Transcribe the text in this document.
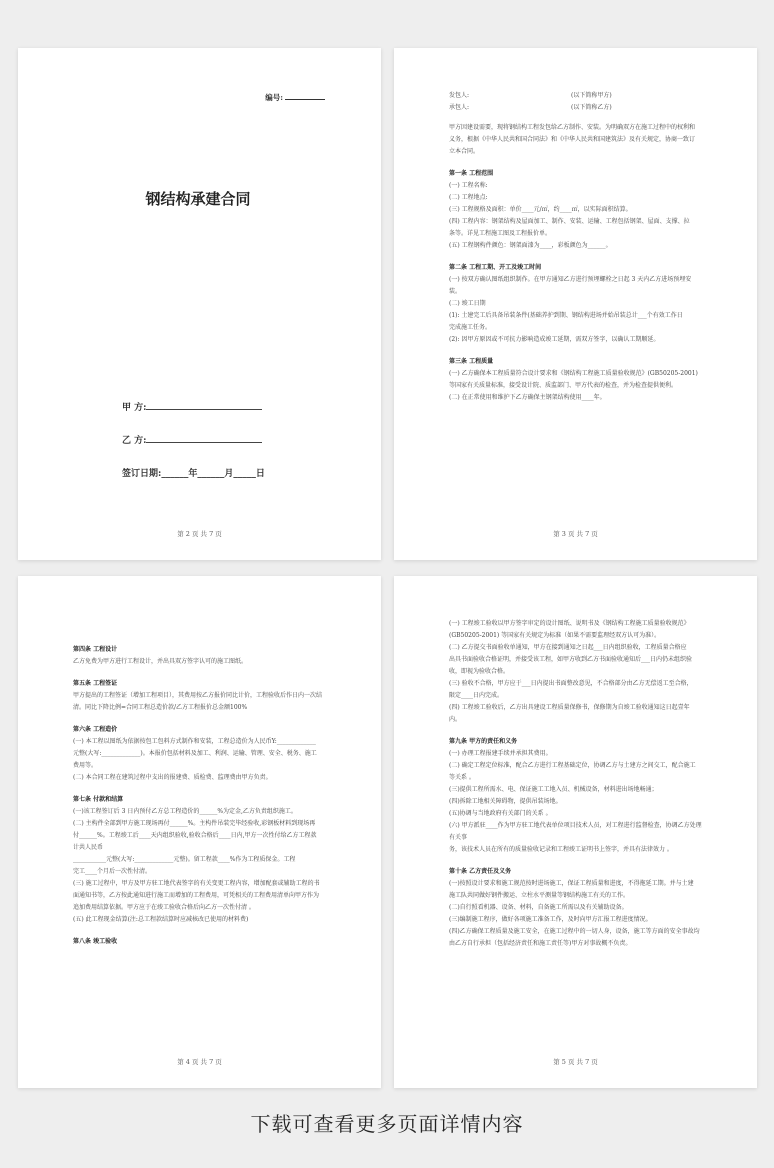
编号:
钢结构承建合同
甲 方:
乙 方:
签订日期:______年______月_____日
第 2 页 共 7 页
发包人:	(以下简称甲方)
承包人:	(以下简称乙方)

甲方因建设需要，现将钢结构工程发包给乙方制作、安装。为明确双方在施工过程中的权利和

义务，根据《中华人民共和国合同法》和《中华人民共和国建筑法》及有关规定，协商一致订

立本合同。

第一条 工程范围

(一) 工程名称:

(二) 工程地点:

(三) 工程规格及面积：单价____元/㎡，约____㎡，以实际面积结算。

(四) 工程内容：钢架结构及屋面加工、制作、安装、运输、工程包括钢架、屋面、支撑、拉

条等。详见工程施工图及工程报价单。

(五) 工程钢构件颜色：钢架面漆为____，彩板颜色为______。

第二条 工程工期、开工及竣工时间

(一) 按双方确认图纸组织制作。在甲方通知乙方进行预埋螺栓之日起 3 天内乙方进场预埋安

装。

(二) 竣工日期

(1): 土建完工后具备吊装条件(基础养护到期、钢结构进场并始吊装总计___个有效工作日

完成施工任务。

(2): 因甲方原因或不可抗力影响造成竣工延期，需双方签字，以确认工期顺延。

第三条 工程质量

(一) 乙方确保本工程质量符合设计要求和《钢结构工程施工质量验收规范》(GB50205-2001)

等国家有关质量标准，接受设计院、质监部门、甲方代表的检查，并为检查提供便利。

(二) 在正常使用和维护下乙方确保主钢架结构使用____年。

第 3 页 共 7 页

第四条 工程设计

乙方免费为甲方进行工程设计，并出具双方签字认可的施工图纸。

第五条 工程签证

甲方提出的工程签证（增加工程项目），其费用按乙方报价同比计价，工程验收后作日内一次结

清。同比下降比例=合同工程总造价款/乙方工程报价总金额100%

第六条 工程造价

(一) 本工程以图纸为依据按包工包料方式制作和安装，工程总造价为人民币Y:_____________

元整(大写:_____________)。本报价包括材料及加工、利润、运输、管理、安全、税务、施工

费用等。

(二) 本合同工程在建筑过程中支出的报建费、质检费、监理费由甲方负责。

第七条 付款和结算

(一)该工程签订后 3 日内预付乙方总工程造价的______%为定金,乙方负责组织施工。

(二) 主构件全部到甲方施工现场再付______%。主构件吊装完毕经验收,彩钢板材料到现场再

付______%。工程竣工后____天内组织验收,验收合格后____日内,甲方一次性付给乙方工程款

计共人民币

___________元整(大写:_____________元整)。留工程款____%作为工程质保金。工程

完工____个月后一次性付清。

(三) 施工过程中，甲方及甲方驻工地代表签字的有关变更工程内容，增加配套或辅助工程的书

面通知书等，乙方按此通知进行施工而增加的工程费用，可凭相关的工程费用清单向甲方作为

追加费用结算依据。甲方应于在竣工验收合格后向乙方一次性付清 。

(五) 此工程现金结算(注:总工程款结算时应减核改已使用的材料费)

第八条 竣工验收

第 4 页 共 7 页

(一) 工程竣工验收以甲方签字审定的设计图纸、说明书及《钢结构工程施工质量验收规范》

(GB50205-2001) 等国家有关规定为标准（如果不需要监理经双方认可为准）。

(二) 乙方提交书面验收单通知，甲方在接到通知之日起___日内组织验收，工程质量合格应

出具书面验收合格证明，并接受该工程，如甲方收到乙方书面验收通知后___日内仍未组织验

收，即视为验收合格。

(三) 验收不合格，甲方应于___日内提出书面整改意见，不合格部分由乙方无偿返工至合格，

限定____日内完成。

(四) 工程竣工验收后，乙方出具建设工程质量保修书，保修期为自竣工验收通知这日起壹年

内。

第九条 甲方的责任和义务

(一) 办理工程报建手续并承担其费用。

(二) 确定工程定位标准，配合乙方进行工程基础定位，协调乙方与土建方之间交工，配合施工

等关系 。

(三)提供工程所需水、电、保证施工工地入员、机械设备，材料进出场地畅通；

(四)拆除工地相关障碍物，提供吊装场地。

(五)协调与当地政府有关部门的关系 。

(六) 甲方派驻____作为甲方驻工地代表单位项目技术人员，对工程进行监督检查，协调乙方处理有关事

务，该技术人员在所有的质量验收记录和工程竣工证明书上签字，并具有法律效力 。

第十条 乙方责任及义务

(一)按照设计要求和施工规范按时进场施工，保证工程质量和进度，不得拖延工期。并与土建

施工队共同做好钢件搬运、立柱水平测量等钢结构施工有关的工作。

(二)自行照看机器、设备、材料，自备施工所需以及有关辅助设备。

(三)编制施工程序，做好各项施工准备工作，及时向甲方汇报工程进度情况。

(四)乙方确保工程质量及施工安全，在施工过程中的一切人身，设备，施工等方面的安全事故均

由乙方自行承担（包括经济责任和施工责任等)甲方对事故概不负责。

第 5 页 共 7 页
下载可查看更多页面详情内容
